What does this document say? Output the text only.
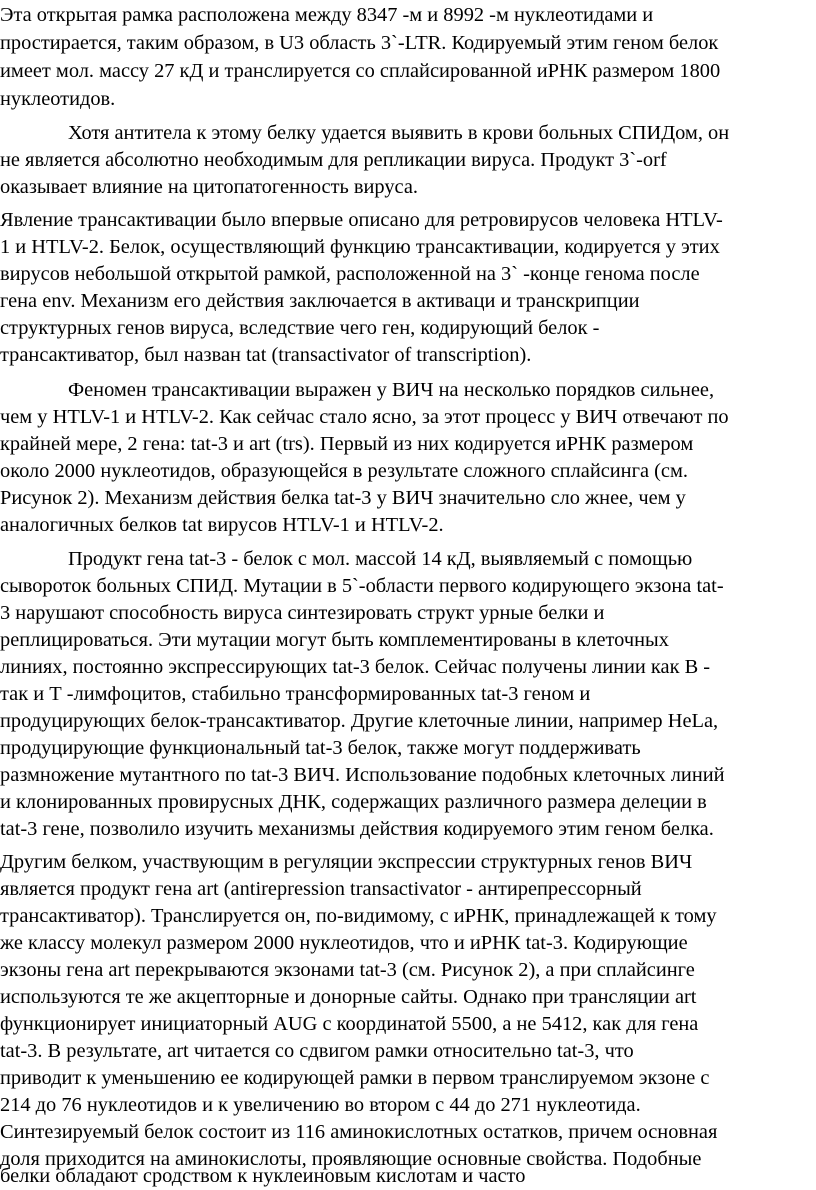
Эта открытая рамка расположена между 8347 -м и 8992 -м нуклеотидами и
простирается, таким образом, в U3 область 3`-LTR. Кодируемый этим геном белок
имеет мол. массу 27 кД и транслируется со сплайсированной иРНК размером 1800
нуклеотидов.
Хотя антитела к этому белку удается выявить в крови больных СПИДом, он
не является абсолютно необходимым для репликации вируса. Продукт 3`-orf
оказывает влияние на цитопатогенность вируса.
Явление трансактивации было впервые описано для ретровирусов человека HTLV-
1 и HTLV-2. Белок, осуществляющий функцию трансактивации, кодируется у этих
вирусов небольшой открытой рамкой, расположенной на 3` -конце генома после
гена env. Механизм его действия заключается в активаци и транскрипции
структурных генов вируса, вследствие чего ген, кодирующий белок -
трансактиватор, был назван tat (transactivator of transcription).
Феномен трансактивации выражен у ВИЧ на несколько порядков сильнее,
чем у HTLV-1 и HTLV-2. Как сейчас стало ясно, за этот процесс у ВИЧ отвечают по
крайней мере, 2 гена: tat-3 и art (trs). Первый из них кодируется иРНК размером
около 2000 нуклеотидов, образующейся в результате сложного сплайсинга (см.
Рисунок 2). Механизм действия белка tat-3 у ВИЧ значительно сло жнее, чем у
аналогичных белков tat вирусов HTLV-1 и HTLV-2.
Продукт гена tat-3 - белок с мол. массой 14 кД, выявляемый с помощью
сывороток больных СПИД. Мутации в 5`-области первого кодирующего экзона tat-
3 нарушают способность вируса синтезировать структ урные белки и
реплицироваться. Эти мутации могут быть комплементированы в клеточных
линиях, постоянно экспрессирующих tat-3 белок. Сейчас получены линии как В -
так и Т -лимфоцитов, стабильно трансформированных tat-3 геном и
продуцирующих белок-трансактиватор. Другие клеточные линии, например HeLa,
продуцирующие функциональный tat-3 белок, также могут поддерживать
размножение мутантного по tat-3 ВИЧ. Использование подобных клеточных линий
и клонированных провирусных ДНК, содержащих различного размера делеции в
tat-3 гене, позволило изучить механизмы действия кодируемого этим геном белка.
Другим белком, участвующим в регуляции экспрессии структурных генов ВИЧ
является продукт гена art (antirepression transactivator - антирепрессорный
трансактиватор). Транслируется он, по-видимому, с иРНК, принадлежащей к тому
же классу молекул размером 2000 нуклеотидов, что и иРНК tat-3. Кодирующие
экзоны гена art перекрываются экзонами tat-3 (см. Рисунок 2), а при сплайсинге
используются те же акцепторные и донорные сайты. Однако при трансляции art
функционирует инициаторный AUG с координатой 5500, а не 5412, как для гена
tat-3. В результате, art читается со сдвигом рамки относительно tat-3, что
приводит к уменьшению ее кодирующей рамки в первом транслируемом экзоне с
214 до 76 нуклеотидов и к увеличению во втором с 44 до 271 нуклеотида.
Синтезируемый белок состоит из 116 аминокислотных остатков, причем основная
доля приходится на аминокислоты, проявляющие основные свойства. Подобные
белки обладают сродством к нуклеиновым кислотам и часто
